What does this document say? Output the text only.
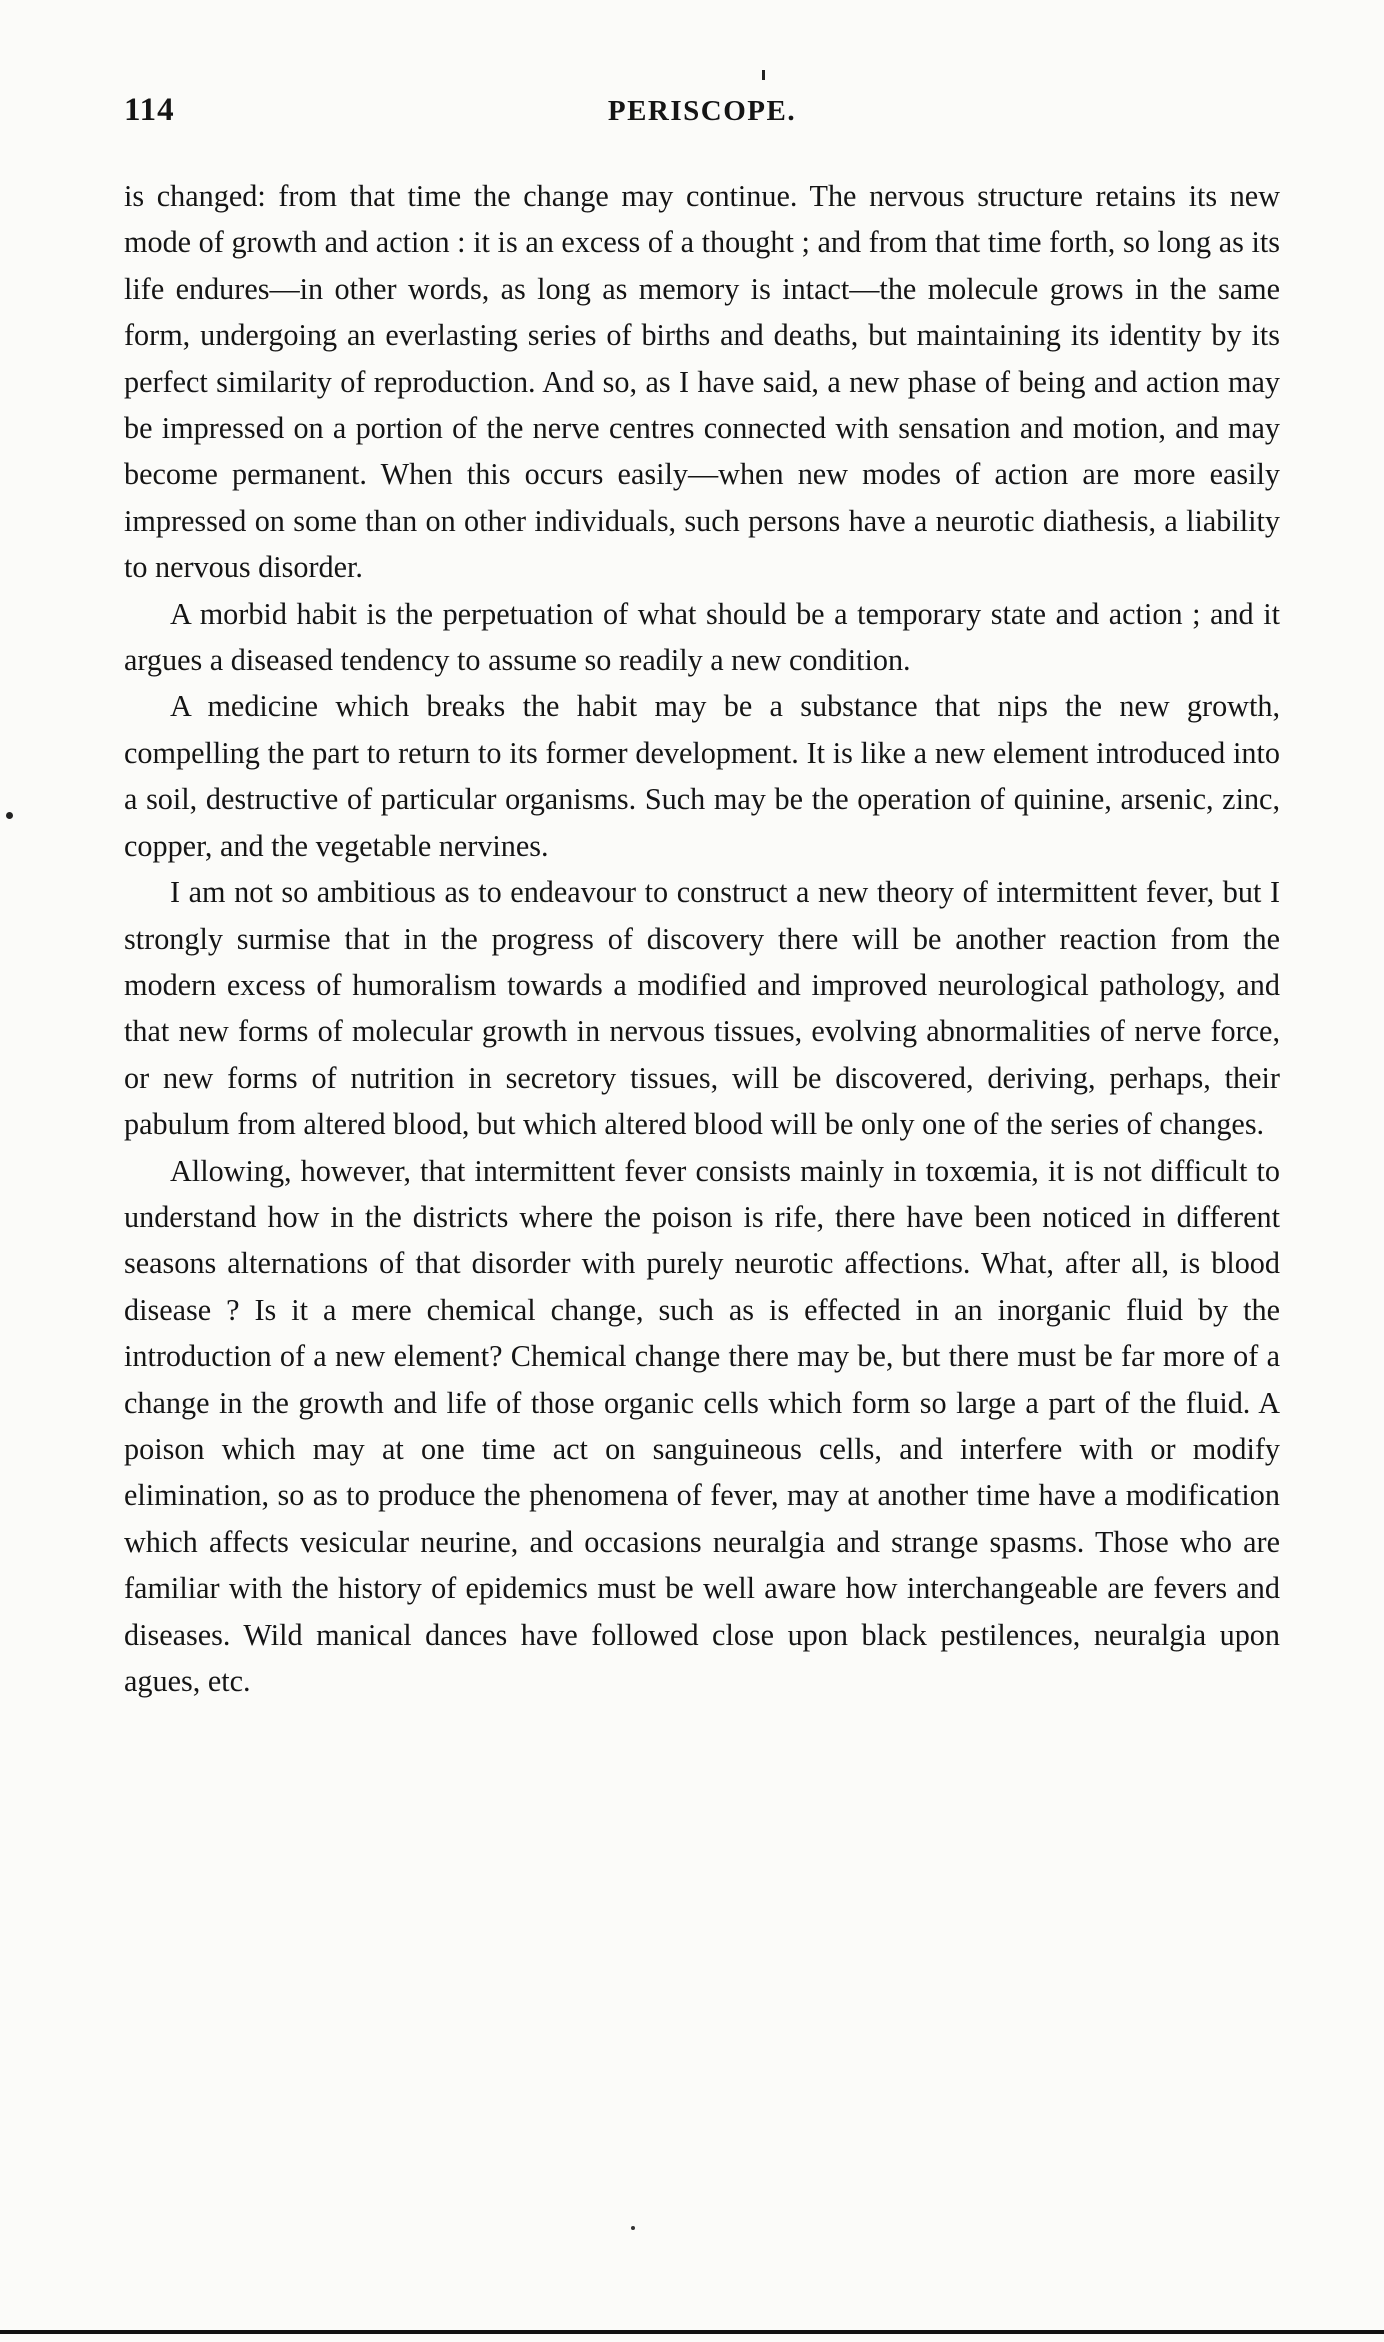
114	PERISCOPE.

is changed: from that time the change may continue. The nervous structure retains its new mode of growth and action : it is an excess of a thought ; and from that time forth, so long as its life endures—in other words, as long as memory is intact—the molecule grows in the same form, undergoing an everlasting series of births and deaths, but maintaining its identity by its perfect similarity of reproduction. And so, as I have said, a new phase of being and action may be impressed on a portion of the nerve centres connected with sensation and motion, and may become permanent. When this occurs easily—when new modes of action are more easily impressed on some than on other individuals, such persons have a neurotic diathesis, a liability to nervous disorder.

A morbid habit is the perpetuation of what should be a temporary state and action ; and it argues a diseased tendency to assume so readily a new condition.

A medicine which breaks the habit may be a substance that nips the new growth, compelling the part to return to its former development. It is like a new element introduced into a soil, destructive of particular organisms. Such may be the operation of quinine, arsenic, zinc, copper, and the vegetable nervines.

I am not so ambitious as to endeavour to construct a new theory of intermittent fever, but I strongly surmise that in the progress of discovery there will be another reaction from the modern excess of humoralism towards a modified and improved neurological pathology, and that new forms of molecular growth in nervous tissues, evolving abnormalities of nerve force, or new forms of nutrition in secretory tissues, will be discovered, deriving, perhaps, their pabulum from altered blood, but which altered blood will be only one of the series of changes.

Allowing, however, that intermittent fever consists mainly in toxœmia, it is not difficult to understand how in the districts where the poison is rife, there have been noticed in different seasons alternations of that disorder with purely neurotic affections. What, after all, is blood disease ? Is it a mere chemical change, such as is effected in an inorganic fluid by the introduction of a new element? Chemical change there may be, but there must be far more of a change in the growth and life of those organic cells which form so large a part of the fluid. A poison which may at one time act on sanguineous cells, and interfere with or modify elimination, so as to produce the phenomena of fever, may at another time have a modification which affects vesicular neurine, and occasions neuralgia and strange spasms. Those who are familiar with the history of epidemics must be well aware how interchangeable are fevers and diseases. Wild manical dances have followed close upon black pestilences, neuralgia upon agues, etc.
